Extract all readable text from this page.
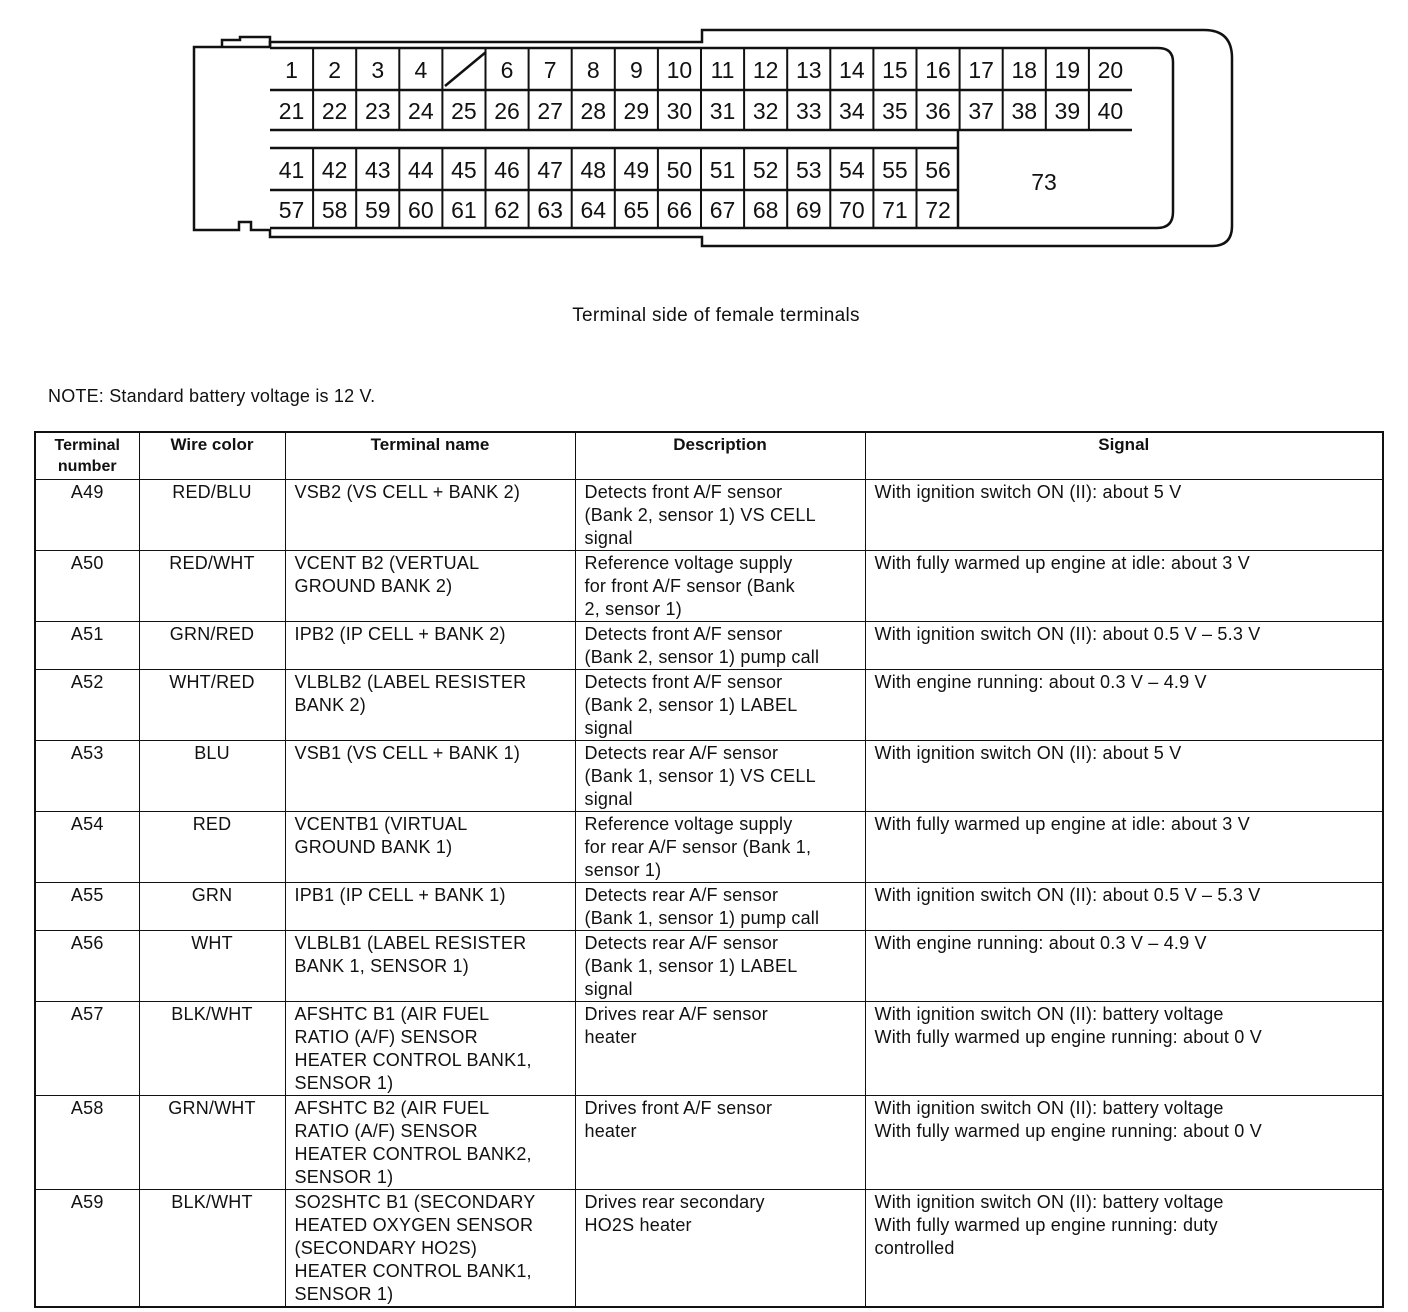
1 2 3 4	6 7 8 9 10 11 12 13 14 15 16 17 18 19 20
21 22 23 24 25 26 27 28 29 30 31 32 33 34 35 36 37 38 39 40
41 42 43 44 45 46 47 48 49 50 51 52 53 54 55 56
57 58 59 60 61 62 63 64 65 66 67 68 69 70 71 72
73
Terminal side of female terminals
NOTE: Standard battery voltage is 12 V.
Terminal
number	Wire color	Terminal name	Description	Signal
A49	RED/BLU	VSB2 (VS CELL + BANK 2)	Detects front A/F sensor
(Bank 2, sensor 1) VS CELL
signal	With ignition switch ON (II): about 5 V
A50	RED/WHT	VCENT B2 (VERTUAL
GROUND BANK 2)	Reference voltage supply
for front A/F sensor (Bank
2, sensor 1)	With fully warmed up engine at idle: about 3 V
A51	GRN/RED	IPB2 (IP CELL + BANK 2)	Detects front A/F sensor
(Bank 2, sensor 1) pump call	With ignition switch ON (II): about 0.5 V – 5.3 V
A52	WHT/RED	VLBLB2 (LABEL RESISTER
BANK 2)	Detects front A/F sensor
(Bank 2, sensor 1) LABEL
signal	With engine running: about 0.3 V – 4.9 V
A53	BLU	VSB1 (VS CELL + BANK 1)	Detects rear A/F sensor
(Bank 1, sensor 1) VS CELL
signal	With ignition switch ON (II): about 5 V
A54	RED	VCENTB1 (VIRTUAL
GROUND BANK 1)	Reference voltage supply
for rear A/F sensor (Bank 1,
sensor 1)	With fully warmed up engine at idle: about 3 V
A55	GRN	IPB1 (IP CELL + BANK 1)	Detects rear A/F sensor
(Bank 1, sensor 1) pump call	With ignition switch ON (II): about 0.5 V – 5.3 V
A56	WHT	VLBLB1 (LABEL RESISTER
BANK 1, SENSOR 1)	Detects rear A/F sensor
(Bank 1, sensor 1) LABEL
signal	With engine running: about 0.3 V – 4.9 V
A57	BLK/WHT	AFSHTC B1 (AIR FUEL
RATIO (A/F) SENSOR
HEATER CONTROL BANK1,
SENSOR 1)	Drives rear A/F sensor
heater	With ignition switch ON (II): battery voltage
With fully warmed up engine running: about 0 V
A58	GRN/WHT	AFSHTC B2 (AIR FUEL
RATIO (A/F) SENSOR
HEATER CONTROL BANK2,
SENSOR 1)	Drives front A/F sensor
heater	With ignition switch ON (II): battery voltage
With fully warmed up engine running: about 0 V
A59	BLK/WHT	SO2SHTC B1 (SECONDARY
HEATED OXYGEN SENSOR
(SECONDARY HO2S)
HEATER CONTROL BANK1,
SENSOR 1)	Drives rear secondary
HO2S heater	With ignition switch ON (II): battery voltage
With fully warmed up engine running: duty
controlled
